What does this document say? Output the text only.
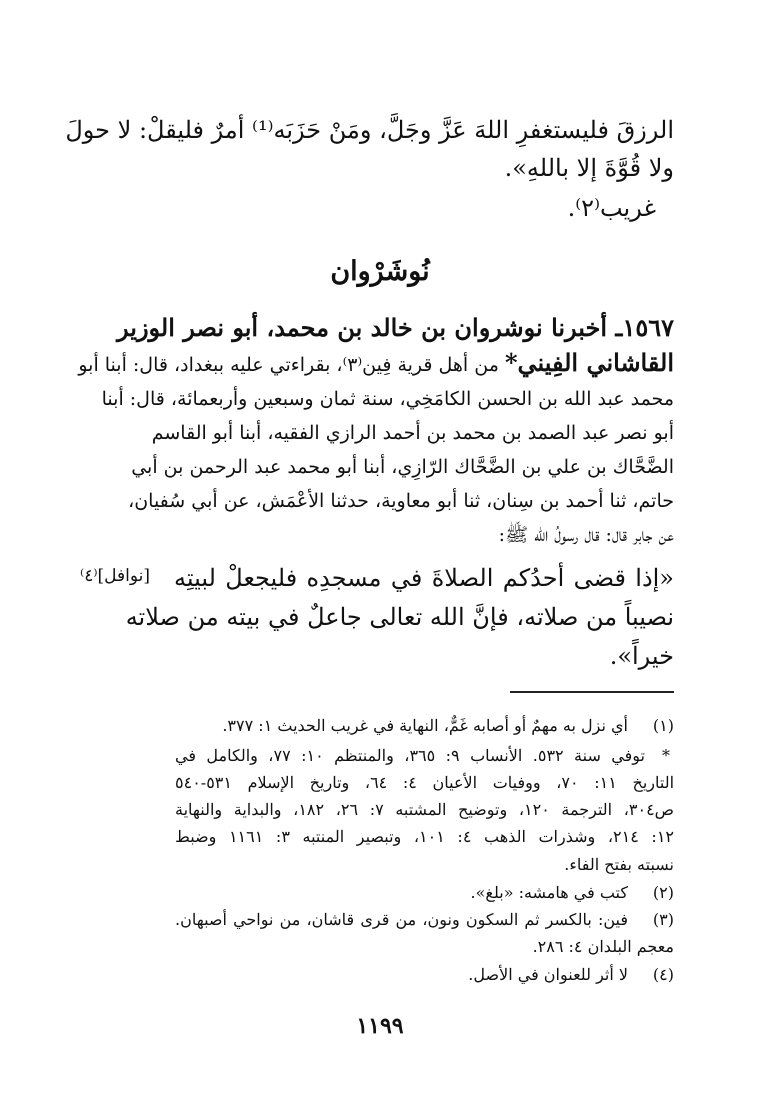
الرزقَ فليستغفرِ اللهَ عَزَّ وجَلَّ، ومَنْ حَزَبَه⁽¹⁾ أمرٌ فليقلْ: لا حولَ
ولا قُوَّةَ إلا باللهِ».
غريب⁽٢⁾.
نُوشَرْوان
١٥٦٧ـ أخبرنا نوشروان بن خالد بن محمد، أبو نصر الوزير
القاشاني الفِيني* من أهل قرية فِين⁽٣⁾، بقراءتي عليه ببغداد، قال: أبنا أبو
محمد عبد الله بن الحسن الكامَخِي، سنة ثمان وسبعين وأربعمائة، قال: أبنا
أبو نصر عبد الصمد بن محمد بن أحمد الرازي الفقيه، أبنا أبو القاسم
الضَّحَّاك بن علي بن الضَّحَّاك الرّازِي، أبنا أبو محمد عبد الرحمن بن أبي
حاتم، ثنا أحمد بن سِنان، ثنا أبو معاوية، حدثنا الأعْمَش، عن أبي سُفيان،
عن جابر قال: قال رسولُ الله ﷺ:
«إذا قضى أحدُكم الصلاةَ في مسجدِه فليجعلْ لبيتِه
[نوافل]⁽٤⁾
نصيباً من صلاته، فإنَّ الله تعالى جاعلٌ في بيته من صلاته
خيراً».
(١)
أي نزل به مهمٌ أو أصابه غَمٌّ، النهاية في غريب الحديث ١: ٣٧٧.
*
توفي سنة ٥٣٢. الأنساب ٩: ٣٦٥، والمنتظم ١٠: ٧٧، والكامل في
التاريخ ١١: ٧٠، ووفيات الأعيان ٤: ٦٤، وتاريخ الإسلام ٥٣١-٥٤٠
ص٣٠٤، الترجمة ١٢٠، وتوضيح المشتبه ٧: ٢٦، ١٨٢، والبداية والنهاية
١٢: ٢١٤، وشذرات الذهب ٤: ١٠١، وتبصير المنتبه ٣: ١١٦١ وضبط
نسبته بفتح الفاء.
(٢)
كتب في هامشه: «بلغ».
(٣)
فين: بالكسر ثم السكون ونون، من قرى قاشان، من نواحي أصبهان.
معجم البلدان ٤: ٢٨٦.
(٤)
لا أثر للعنوان في الأصل.
١١٩٩
